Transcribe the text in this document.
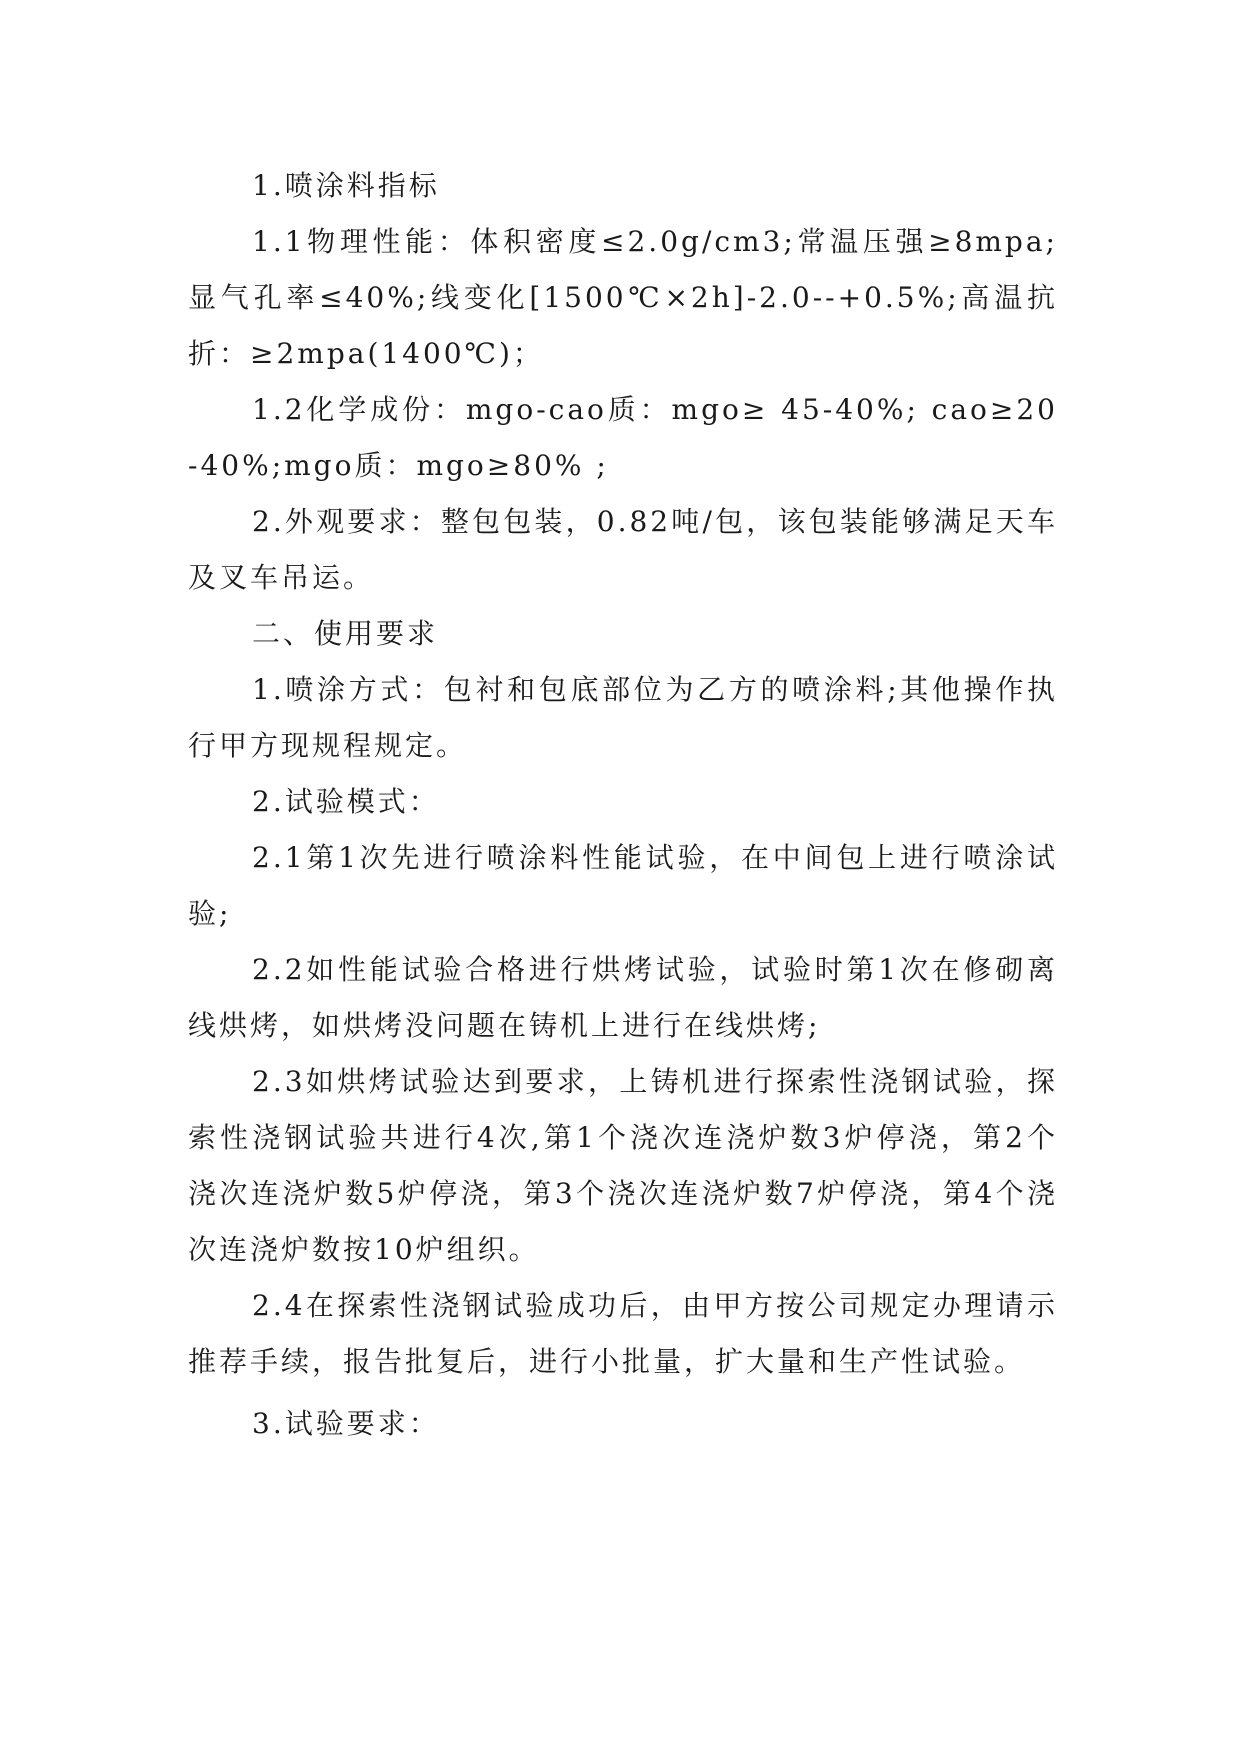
1.喷涂料指标

1.1物理性能：体积密度≤2.0g/cm3;常温压强≥8mpa;显气孔率≤40%;线变化[1500℃×2h]-2.0--+0.5%;高温抗折：≥2mpa(1400℃)；

1.2化学成份：mgo-cao质：mgo≥ 45-40%; cao≥20-40%;mgo质：mgo≥80% ;

2.外观要求：整包包装，0.82吨/包，该包装能够满足天车及叉车吊运。

二、使用要求

1.喷涂方式：包衬和包底部位为乙方的喷涂料;其他操作执行甲方现规程规定。

2.试验模式：

2.1第1次先进行喷涂料性能试验，在中间包上进行喷涂试验;

2.2如性能试验合格进行烘烤试验，试验时第1次在修砌离线烘烤，如烘烤没问题在铸机上进行在线烘烤;

2.3如烘烤试验达到要求，上铸机进行探索性浇钢试验，探索性浇钢试验共进行4次,第1个浇次连浇炉数3炉停浇，第2个浇次连浇炉数5炉停浇，第3个浇次连浇炉数7炉停浇，第4个浇次连浇炉数按10炉组织。

2.4在探索性浇钢试验成功后，由甲方按公司规定办理请示推荐手续，报告批复后，进行小批量，扩大量和生产性试验。

3.试验要求：
